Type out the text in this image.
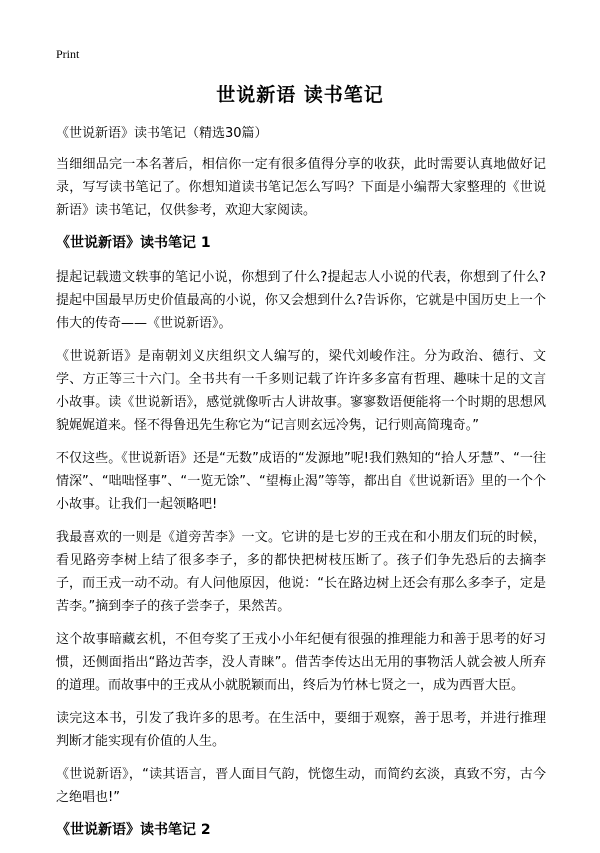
Print
世说新语 读书笔记

《世说新语》读书笔记（精选30篇）

当细细品完一本名著后，相信你一定有很多值得分享的收获，此时需要认真地做好记录，写写读书笔记了。你想知道读书笔记怎么写吗？下面是小编帮大家整理的《世说新语》读书笔记，仅供参考，欢迎大家阅读。

《世说新语》读书笔记 1

提起记载遗文轶事的笔记小说，你想到了什么?提起志人小说的代表，你想到了什么?提起中国最早历史价值最高的小说，你又会想到什么?告诉你，它就是中国历史上一个伟大的传奇——《世说新语》。

《世说新语》是南朝刘义庆组织文人编写的，梁代刘峻作注。分为政治、德行、文学、方正等三十六门。全书共有一千多则记载了许许多多富有哲理、趣味十足的文言小故事。读《世说新语》，感觉就像听古人讲故事。寥寥数语便能将一个时期的思想风貌娓娓道来。怪不得鲁迅先生称它为“记言则玄远冷隽，记行则高简瑰奇。”

不仅这些。《世说新语》还是“无数”成语的“发源地”呢!我们熟知的“拾人牙慧”、“一往情深”、“咄咄怪事”、“一览无馀”、“望梅止渴”等等，都出自《世说新语》里的一个个小故事。让我们一起领略吧!

我最喜欢的一则是《道旁苦李》一文。它讲的是七岁的王戎在和小朋友们玩的时候，看见路旁李树上结了很多李子，多的都快把树枝压断了。孩子们争先恐后的去摘李子，而王戎一动不动。有人问他原因，他说：“长在路边树上还会有那么多李子，定是苦李。”摘到李子的孩子尝李子，果然苦。

这个故事暗藏玄机，不但夸奖了王戎小小年纪便有很强的推理能力和善于思考的好习惯，还侧面指出“路边苦李，没人青睐”。借苦李传达出无用的事物活人就会被人所弃的道理。而故事中的王戎从小就脱颖而出，终后为竹林七贤之一，成为西晋大臣。

读完这本书，引发了我许多的思考。在生活中，要细于观察，善于思考，并进行推理判断才能实现有价值的人生。

《世说新语》，“读其语言，晋人面目气韵，恍惚生动，而简约玄淡，真致不穷，古今之绝唱也!”

《世说新语》读书笔记 2
